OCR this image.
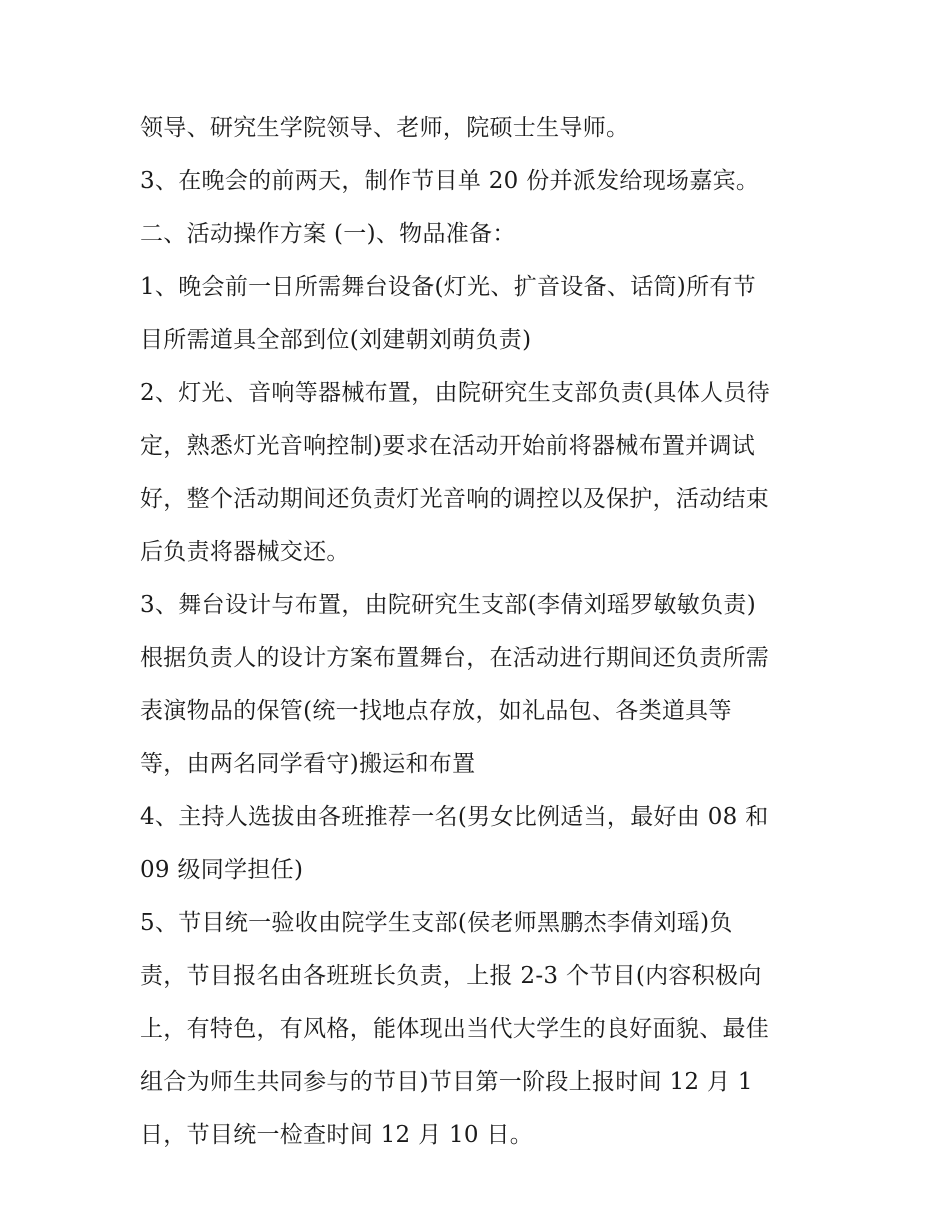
领导、研究生学院领导、老师，院硕士生导师。
3、在晚会的前两天，制作节目单 20 份并派发给现场嘉宾。
二、活动操作方案 (一)、物品准备：
1、晚会前一日所需舞台设备(灯光、扩音设备、话筒)所有节
目所需道具全部到位(刘建朝刘萌负责)
2、灯光、音响等器械布置，由院研究生支部负责(具体人员待
定，熟悉灯光音响控制)要求在活动开始前将器械布置并调试
好，整个活动期间还负责灯光音响的调控以及保护，活动结束
后负责将器械交还。
3、舞台设计与布置，由院研究生支部(李倩刘瑶罗敏敏负责)
根据负责人的设计方案布置舞台，在活动进行期间还负责所需
表演物品的保管(统一找地点存放，如礼品包、各类道具等
等，由两名同学看守)搬运和布置
4、主持人选拔由各班推荐一名(男女比例适当，最好由 08 和
09 级同学担任)
5、节目统一验收由院学生支部(侯老师黑鹏杰李倩刘瑶)负
责，节目报名由各班班长负责，上报 2-3 个节目(内容积极向
上，有特色，有风格，能体现出当代大学生的良好面貌、最佳
组合为师生共同参与的节目)节目第一阶段上报时间 12 月 1
日，节目统一检查时间 12 月 10 日。
